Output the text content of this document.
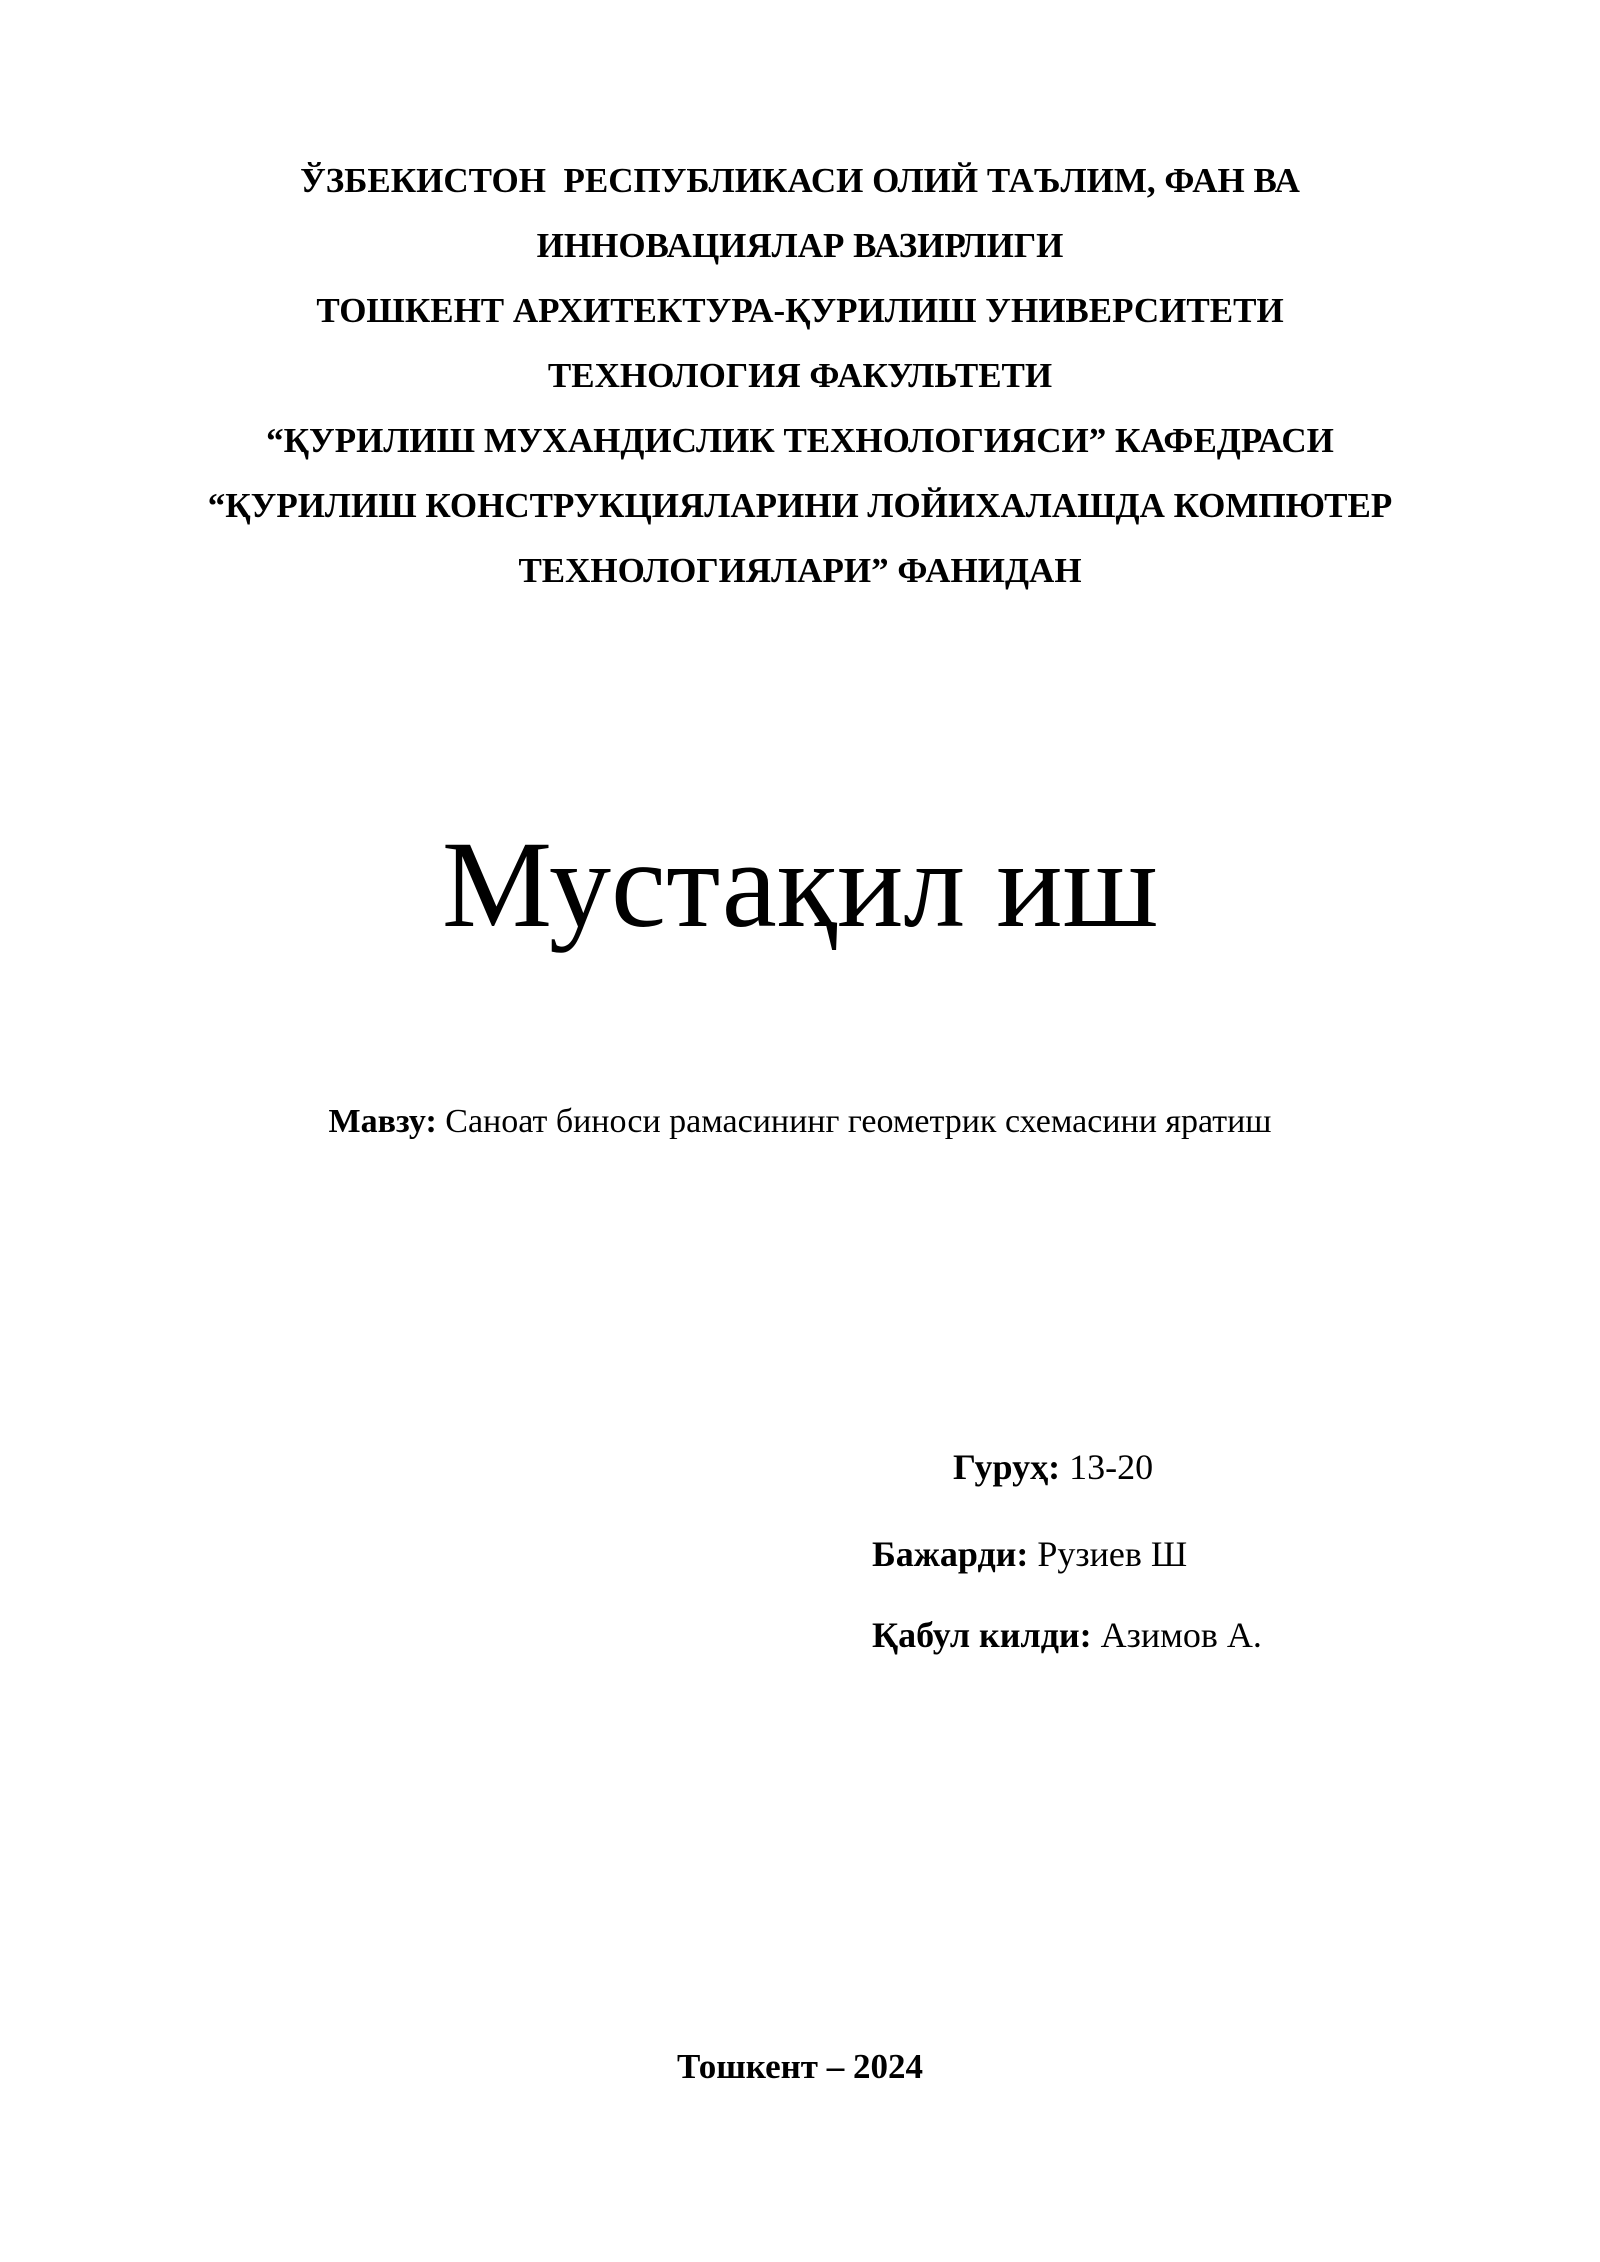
ЎЗБЕКИСТОН  РЕСПУБЛИКАСИ ОЛИЙ ТАЪЛИМ, ФАН ВА
ИННОВАЦИЯЛАР ВАЗИРЛИГИ
ТОШКЕНТ АРХИТЕКТУРА-ҚУРИЛИШ УНИВЕРСИТЕТИ
ТЕХНОЛОГИЯ ФАКУЛЬТЕТИ
“ҚУРИЛИШ МУХАНДИСЛИК ТЕХНОЛОГИЯСИ” КАФЕДРАСИ
“ҚУРИЛИШ КОНСТРУКЦИЯЛАРИНИ ЛОЙИХАЛАШДА КОМПЮТЕР
ТЕХНОЛОГИЯЛАРИ” ФАНИДАН
Мустақил иш
Мавзу: Саноат биноси рамасининг геометрик схемасини яратиш
Гуруҳ: 13-20
Бажарди: Рузиев Ш
Қабул килди: Азимов А.
Тошкент – 2024
